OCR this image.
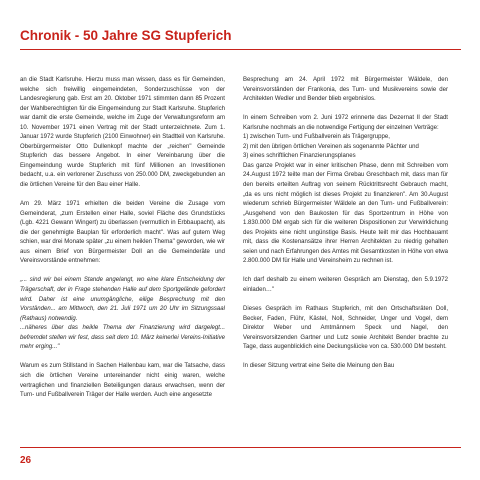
Chronik - 50 Jahre SG Stupferich

an die Stadt Karlsruhe. Hierzu muss man wissen, dass es für Gemeinden, welche sich freiwillig eingemeindeten, Sonderzuschüsse von der Landesregierung gab. Erst am 20. Oktober 1971 stimmten dann 85 Prozent der Wahlberechtigten für die Eingemeindung zur Stadt Karlsruhe. Stupferich war damit die erste Gemeinde, welche im Zuge der Verwaltungsreform am 10. November 1971 einen Vertrag mit der Stadt unterzeichnete. Zum 1. Januar 1972 wurde Stupferich (2100 Einwohner) ein Stadtteil von Karlsruhe. Oberbürgermeister Otto Dullenkopf machte der „reichen" Gemeinde Stupferich das bessere Angebot. In einer Vereinbarung über die Eingemeindung wurde Stupferich mit fünf Millionen an Investitionen bedacht, u.a. ein verlorener Zuschuss von 250.000 DM, zweckgebunden an die örtlichen Vereine für den Bau einer Halle.

Am 29. März 1971 erhielten die beiden Vereine die Zusage vom Gemeinderat, „zum Erstellen einer Halle, soviel Fläche des Grundstücks (Lgb. 4221 Gewann Wingert) zu überlassen (vermutlich in Erbbaupacht), als die der genehmigte Bauplan für erforderlich macht". Was auf gutem Weg schien, war drei Monate später „zu einem heiklen Thema" geworden, wie wir aus einem Brief von Bürgermeister Doll an die Gemeinderäte und Vereinsvorstände entnehmen:

„... sind wir bei einem Stande angelangt, wo eine klare Entscheidung der Trägerschaft, der in Frage stehenden Halle auf dem Sportgelände gefordert wird. Daher ist eine unumgängliche, eilige Besprechung mit den Vorständen... am Mittwoch, den 21. Juli 1971 um 20 Uhr im Sitzungssaal (Rathaus) notwendig.

...näheres über das heikle Thema der Finanzierung wird dargelegt... befremdet stellen wir fest, dass seit dem 10. März keinerlei Vereins-Initiative mehr erging..."

Warum es zum Stillstand in Sachen Hallenbau kam, war die Tatsache, dass sich die örtlichen Vereine untereinander nicht einig waren, welche vertraglichen und finanziellen Beteiligungen daraus erwachsen, wenn der Turn- und Fußballverein Träger der Halle werden. Auch eine angesetzte

Besprechung am 24. April 1972 mit Bürgermeister Wäldele, den Vereinsvorständen der Frankonia, des Turn- und Musikvereins sowie der Architekten Wedler und Bender blieb ergebnislos.

In einem Schreiben vom 2. Juni 1972 erinnerte das Dezernat II der Stadt Karlsruhe nochmals an die notwendige Fertigung der einzelnen Verträge:

1) zwischen Turn- und Fußballverein als Trägergruppe,

2) mit den übrigen örtlichen Vereinen als sogenannte Pächter und

3) eines schriftlichen Finanzierungsplanes

Das ganze Projekt war in einer kritischen Phase, denn mit Schreiben vom 24.August 1972 teilte man der Firma Grebau Greschbach mit, dass man für den bereits erteilten Auftrag von seinem Rücktrittsrecht Gebrauch macht, „da es uns nicht möglich ist dieses Projekt zu finanzieren". Am 30.August wiederum schrieb Bürgermeister Wäldele an den Turn- und Fußballverein: „Ausgehend von den Baukosten für das Sportzentrum in Höhe von 1.830.000 DM ergab sich für die weiteren Dispositionen zur Verwirklichung des Projekts eine nicht ungünstige Basis. Heute teilt mir das Hochbauamt mit, dass die Kostenansätze ihrer Herren Architekten zu niedrig gehalten seien und nach Erfahrungen des Amtes mit Gesamtkosten in Höhe von etwa 2.800.000 DM für Halle und Vereinsheim zu rechnen ist.

Ich darf deshalb zu einem weiteren Gespräch am Dienstag, den 5.9.1972 einladen…"

Dieses Gespräch im Rathaus Stupferich, mit den Ortschaftsräten Doll, Becker, Faden, Flühr, Kästel, Noll, Schneider, Unger und Vogel, dem Direktor Weber und Amtmännern Speck und Nagel, den Vereinsvorsitzenden Gartner und Lutz sowie Architekt Bender brachte zu Tage, dass augenblicklich eine Deckungslücke von ca. 530.000 DM besteht.

In dieser Sitzung vertrat eine Seite die Meinung den Bau

26
